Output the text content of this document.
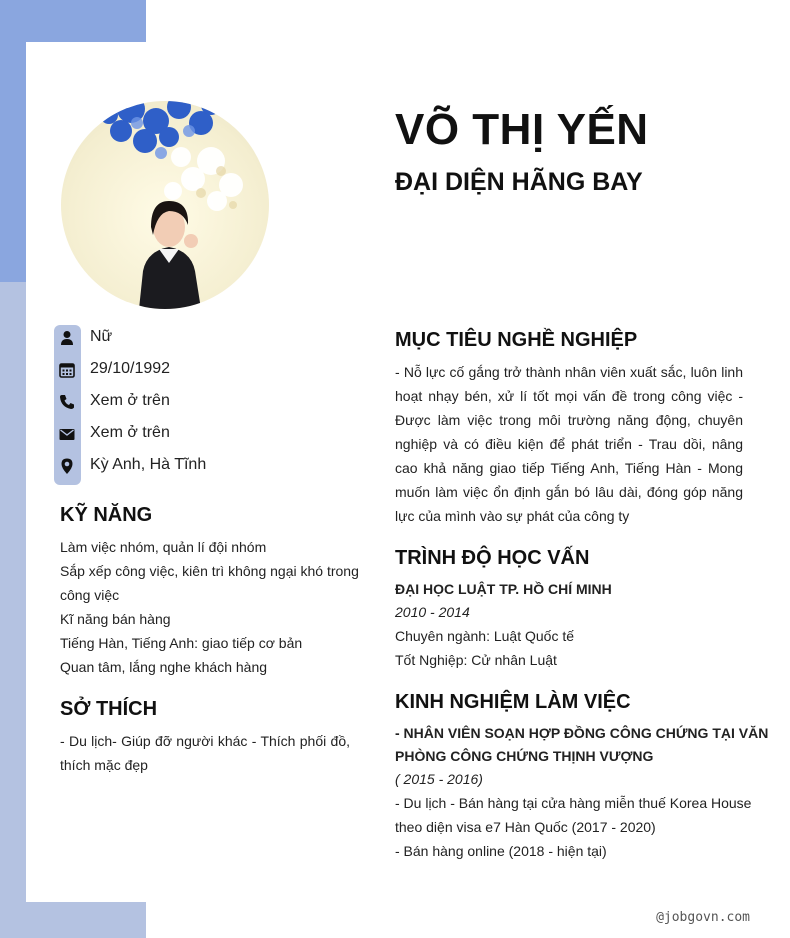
VÕ THỊ YẾN
ĐẠI DIỆN HÃNG BAY
Nữ
29/10/1992
Xem ở trên
Xem ở trên
Kỳ Anh, Hà Tĩnh
KỸ NĂNG
Làm việc nhóm, quản lí đội nhóm
Sắp xếp công việc, kiên trì không ngại khó trong
công việc
Kĩ năng bán hàng
Tiếng Hàn, Tiếng Anh: giao tiếp cơ bản
Quan tâm, lắng nghe khách hàng
SỞ THÍCH

- Du lịch- Giúp đỡ người khác - Thích phối đồ, thích mặc đẹp

MỤC TIÊU NGHỀ NGHIỆP

- Nỗ lực cố gắng trở thành nhân viên xuất sắc, luôn linh hoạt nhạy bén, xử lí tốt mọi vấn đề trong công việc - Được làm việc trong môi trường năng động, chuyên nghiệp và có điều kiện để phát triển - Trau dồi, nâng cao khả năng giao tiếp Tiếng Anh, Tiếng Hàn - Mong muốn làm việc ổn định gắn bó lâu dài, đóng góp năng lực của mình vào sự phát của công ty

TRÌNH ĐỘ HỌC VẤN
ĐẠI HỌC LUẬT TP. HỒ CHÍ MINH
2010 - 2014
Chuyên ngành: Luật Quốc tế
Tốt Nghiệp: Cử nhân Luật
KINH NGHIỆM LÀM VIỆC
- NHÂN VIÊN SOẠN HỢP ĐỒNG CÔNG CHỨNG TẠI VĂN
PHÒNG CÔNG CHỨNG THỊNH VƯỢNG
( 2015 - 2016)
- Du lịch - Bán hàng tại cửa hàng miễn thuế Korea House
theo diện visa e7 Hàn Quốc (2017 - 2020)
- Bán hàng online (2018 - hiện tại)
@jobgovn.com
